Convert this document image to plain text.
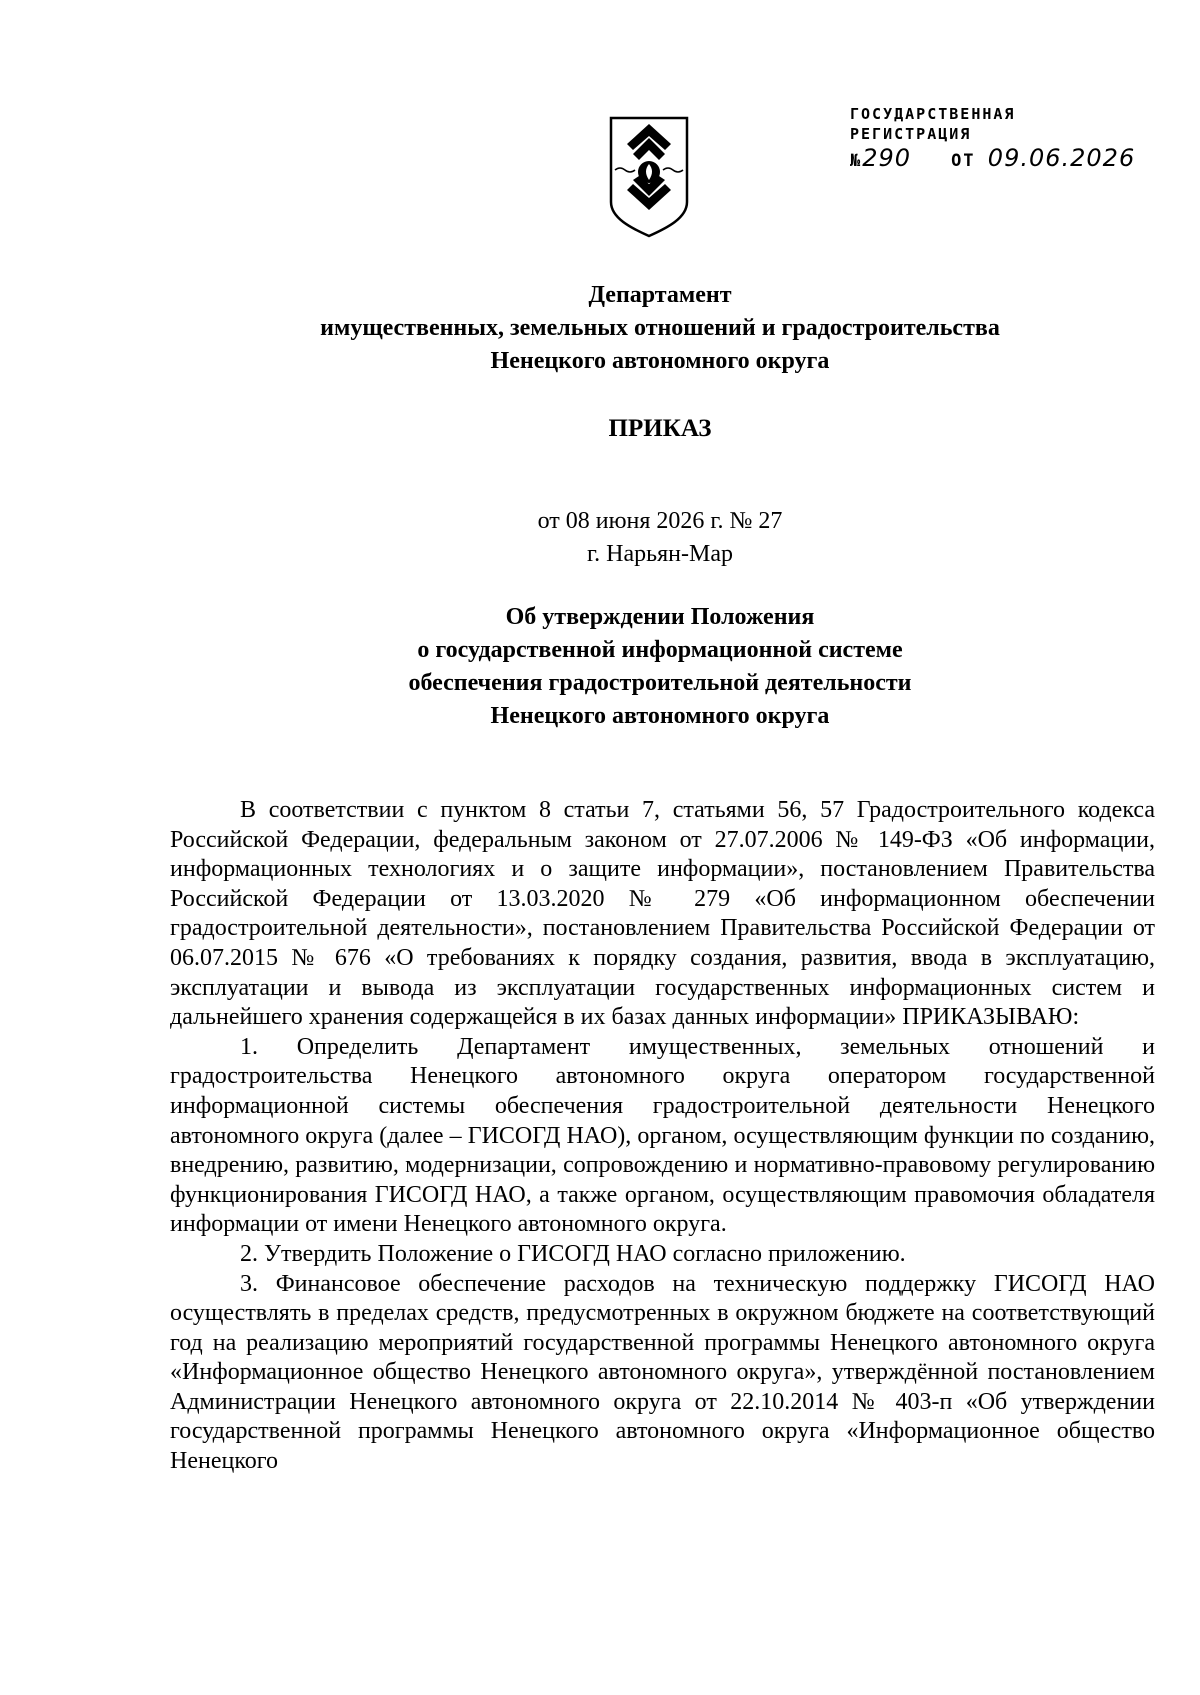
ГОСУДАРСТВЕННАЯ
РЕГИСТРАЦИЯ
№290 ОТ 09.06.2026
Департамент
имущественных, земельных отношений и градостроительства
Ненецкого автономного округа
ПРИКАЗ
от 08 июня 2026 г. № 27
г. Нарьян-Мар
Об утверждении Положения
о государственной информационной системе
обеспечения градостроительной деятельности
Ненецкого автономного округа

В соответствии с пунктом 8 статьи 7, статьями 56, 57 Градостроительного кодекса Российской Федерации, федеральным законом от 27.07.2006 № 149-ФЗ «Об информации, информационных технологиях и о защите информации», постановлением Правительства Российской Федерации от 13.03.2020 № 279 «Об информационном обеспечении градостроительной деятельности», постановлением Правительства Российской Федерации от 06.07.2015 № 676 «О требованиях к порядку создания, развития, ввода в эксплуатацию, эксплуатации и вывода из эксплуатации государственных информационных систем и дальнейшего хранения содержащейся в их базах данных информации» ПРИКАЗЫВАЮ:

1. Определить Департамент имущественных, земельных отношений и градостроительства Ненецкого автономного округа оператором государственной информационной системы обеспечения градостроительной деятельности Ненецкого автономного округа (далее – ГИСОГД НАО), органом, осуществляющим функции по созданию, внедрению, развитию, модернизации, сопровождению и нормативно-правовому регулированию функционирования ГИСОГД НАО, а также органом, осуществляющим правомочия обладателя информации от имени Ненецкого автономного округа.

2. Утвердить Положение о ГИСОГД НАО согласно приложению.

3. Финансовое обеспечение расходов на техническую поддержку ГИСОГД НАО осуществлять в пределах средств, предусмотренных в окружном бюджете на соответствующий год на реализацию мероприятий государственной программы Ненецкого автономного округа «Информационное общество Ненецкого автономного округа», утверждённой постановлением Администрации Ненецкого автономного округа от 22.10.2014 № 403-п «Об утверждении государственной программы Ненецкого автономного округа «Информационное общество Ненецкого
